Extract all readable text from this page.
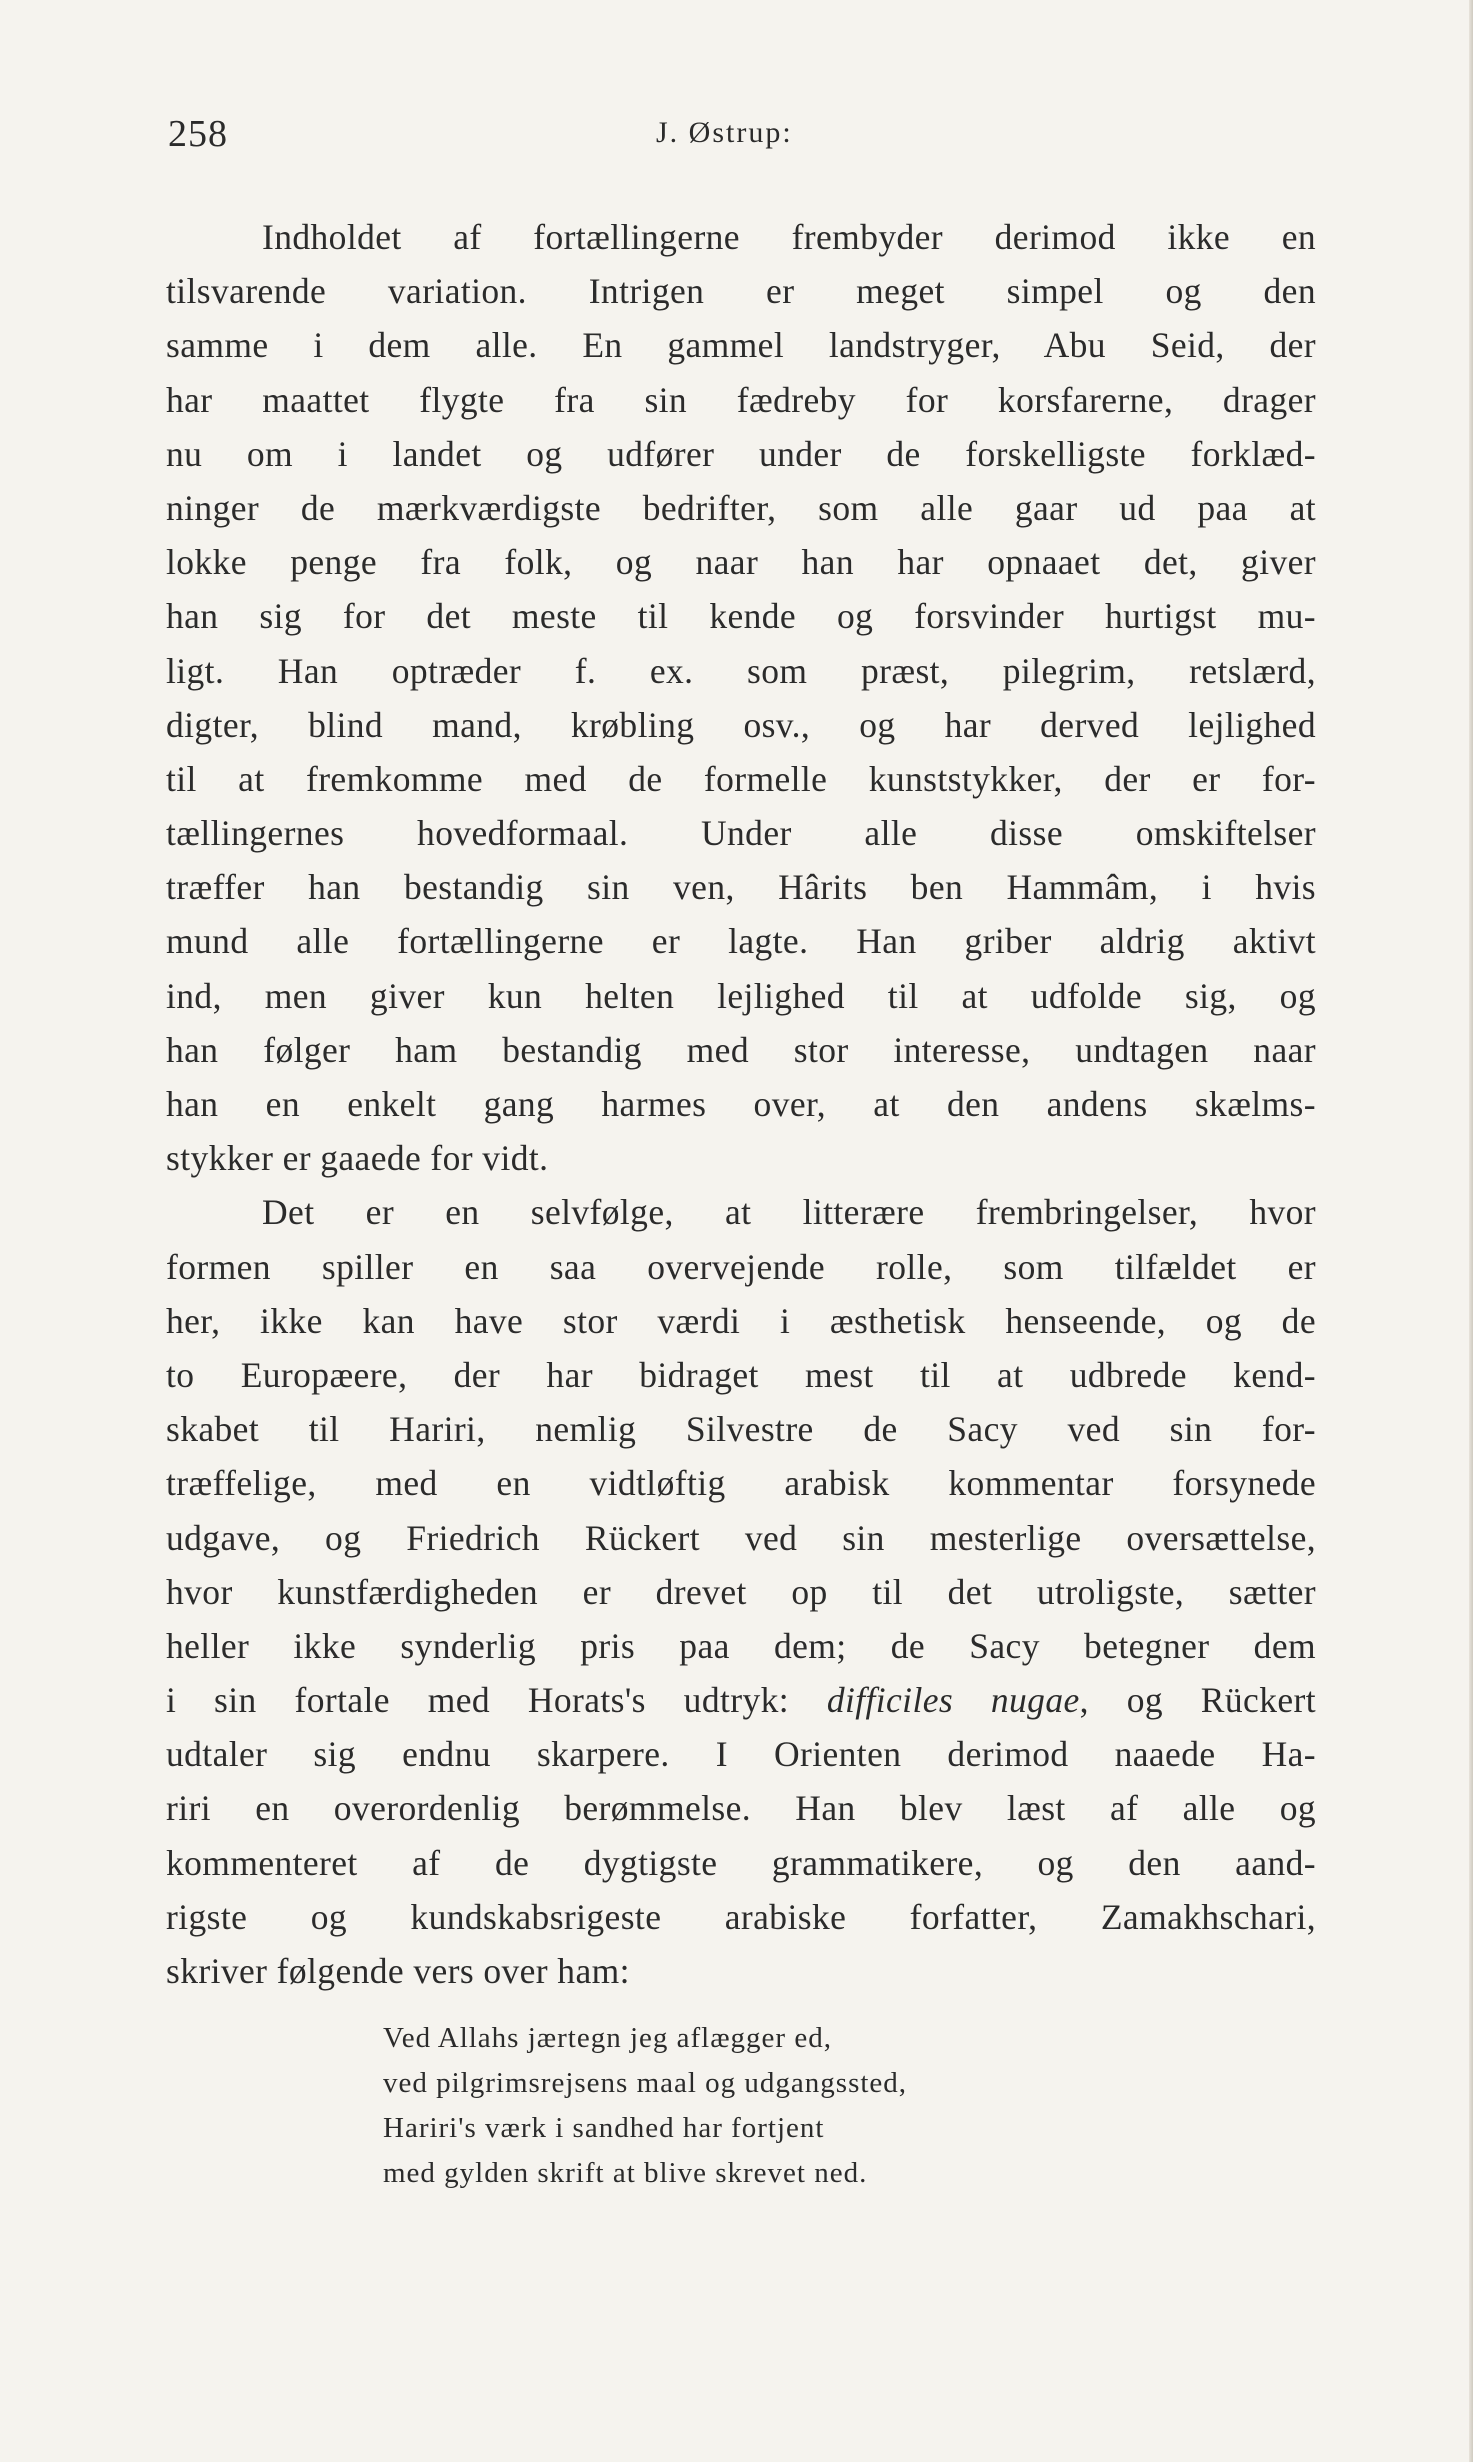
258	J. Østrup:
Indholdet af fortællingerne frembyder derimod ikke en
tilsvarende variation. Intrigen er meget simpel og den
samme i dem alle. En gammel landstryger, Abu Seid, der
har maattet flygte fra sin fædreby for korsfarerne, drager
nu om i landet og udfører under de forskelligste forklæd-
ninger de mærkværdigste bedrifter, som alle gaar ud paa at
lokke penge fra folk, og naar han har opnaaet det, giver
han sig for det meste til kende og forsvinder hurtigst mu-
ligt. Han optræder f. ex. som præst, pilegrim, retslærd,
digter, blind mand, krøbling osv., og har derved lejlighed
til at fremkomme med de formelle kunststykker, der er for-
tællingernes hovedformaal. Under alle disse omskiftelser
træffer han bestandig sin ven, Hârits ben Hammâm, i hvis
mund alle fortællingerne er lagte. Han griber aldrig aktivt
ind, men giver kun helten lejlighed til at udfolde sig, og
han følger ham bestandig med stor interesse, undtagen naar
han en enkelt gang harmes over, at den andens skælms-
stykker er gaaede for vidt.
Det er en selvfølge, at litterære frembringelser, hvor
formen spiller en saa overvejende rolle, som tilfældet er
her, ikke kan have stor værdi i æsthetisk henseende, og de
to Europæere, der har bidraget mest til at udbrede kend-
skabet til Hariri, nemlig Silvestre de Sacy ved sin for-
træffelige, med en vidtløftig arabisk kommentar forsynede
udgave, og Friedrich Rückert ved sin mesterlige oversættelse,
hvor kunstfærdigheden er drevet op til det utroligste, sætter
heller ikke synderlig pris paa dem; de Sacy betegner dem
i sin fortale med Horats's udtryk: difficiles nugae, og Rückert
udtaler sig endnu skarpere. I Orienten derimod naaede Ha-
riri en overordenlig berømmelse. Han blev læst af alle og
kommenteret af de dygtigste grammatikere, og den aand-
rigste og kundskabsrigeste arabiske forfatter, Zamakhschari,
skriver følgende vers over ham:
Ved Allahs jærtegn jeg aflægger ed,
ved pilgrimsrejsens maal og udgangssted,
Hariri's værk i sandhed har fortjent
med gylden skrift at blive skrevet ned.
